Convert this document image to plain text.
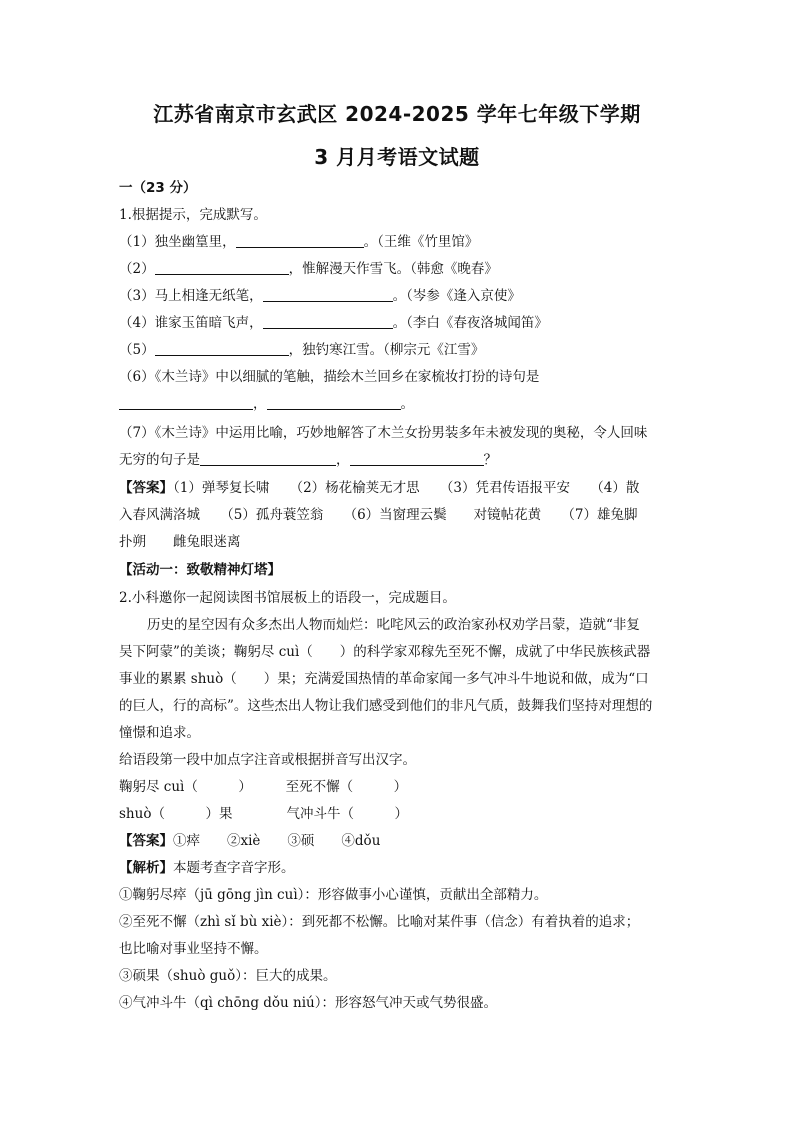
江苏省南京市玄武区 2024-2025 学年七年级下学期
3 月月考语文试题
一（23 分）
1.根据提示，完成默写。
（1）独坐幽篁里，	。（王维《竹里馆》
（2）	，惟解漫天作雪飞。（韩愈《晚春》
（3）马上相逢无纸笔，	。（岑参《逢入京使》
（4）谁家玉笛暗飞声，	。（李白《春夜洛城闻笛》
（5）	，独钓寒江雪。（柳宗元《江雪》
（6）《木兰诗》中以细腻的笔触，描绘木兰回乡在家梳妆打扮的诗句是
，	。
（7）《木兰诗》中运用比喻，巧妙地解答了木兰女扮男装多年未被发现的奥秘，令人回味
无穷的句子是	，	？
【答案】（1）弹琴复长啸　　（2）杨花榆荚无才思　　（3）凭君传语报平安　　（4）散
入春风满洛城　　（5）孤舟蓑笠翁　　（6）当窗理云鬓　　对镜帖花黄　　（7）雄兔脚
扑朔　　雌兔眼迷离
【活动一：致敬精神灯塔】
2.小科邀你一起阅读图书馆展板上的语段一，完成题目。
历史的星空因有众多杰出人物而灿烂：叱咤风云的政治家孙权劝学吕蒙，造就“非复
吴下阿蒙”的美谈；鞠躬尽 cuì（　　）的科学家邓稼先至死不懈，成就了中华民族核武器
事业的累累 shuò（　　）果；充满爱国热情的革命家闻一多气冲斗牛地说和做，成为“口
的巨人，行的高标”。这些杰出人物让我们感受到他们的非凡气质，鼓舞我们坚持对理想的
憧憬和追求。
给语段第一段中加点字注音或根据拼音写出汉字。
鞠躬尽 cuì（　　　）　　　至死不懈（　　　）
shuò（　　　）果　　　　气冲斗牛（　　　）
【答案】①瘁　　②xiè　　③硕　　④dǒu
【解析】本题考查字音字形。
①鞠躬尽瘁（jū gōng jìn cuì）：形容做事小心谨慎，贡献出全部精力。
②至死不懈（zhì sǐ bù xiè）：到死都不松懈。比喻对某件事（信念）有着执着的追求；
也比喻对事业坚持不懈。
③硕果（shuò guǒ）：巨大的成果。
④气冲斗牛（qì chōng dǒu niú）：形容怒气冲天或气势很盛。
